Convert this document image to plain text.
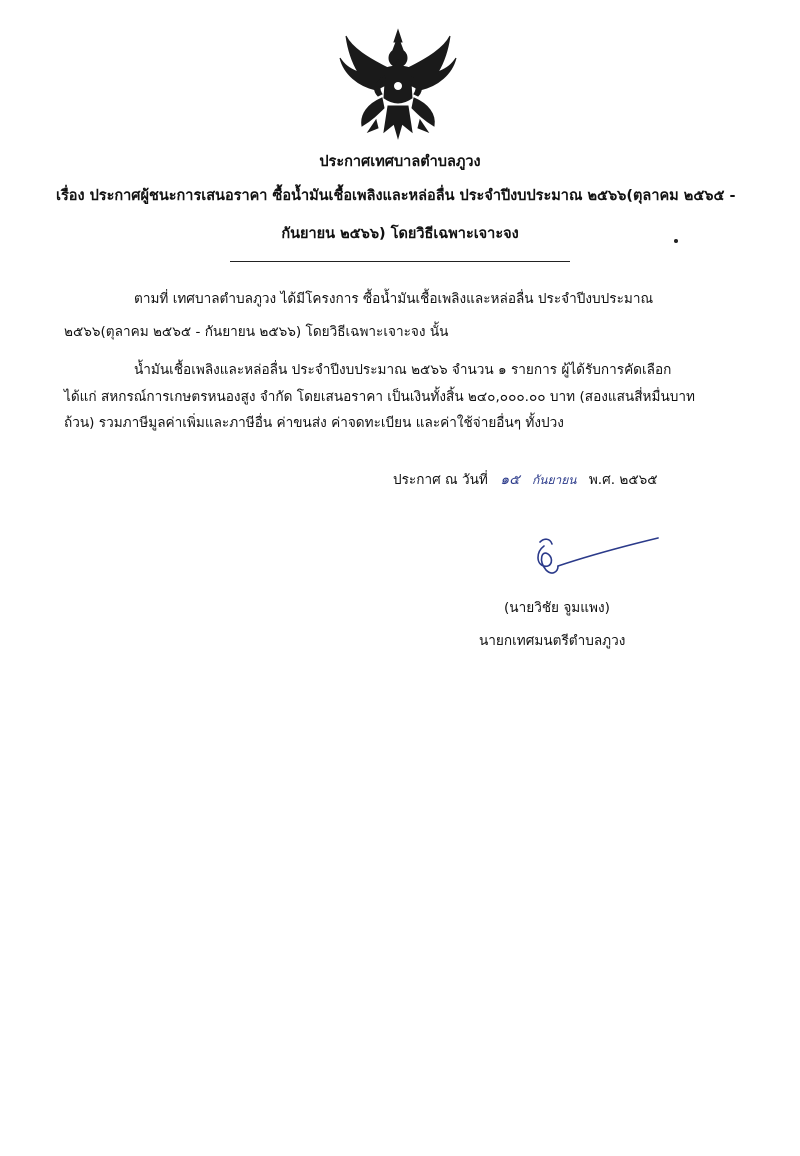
ประกาศเทศบาลตำบลภูวง
เรื่อง ประกาศผู้ชนะการเสนอราคา ซื้อน้ำมันเชื้อเพลิงและหล่อลื่น ประจำปีงบประมาณ ๒๕๖๖(ตุลาคม ๒๕๖๕ -
กันยายน ๒๕๖๖) โดยวิธีเฉพาะเจาะจง
ตามที่ เทศบาลตำบลภูวง ได้มีโครงการ ซื้อน้ำมันเชื้อเพลิงและหล่อลื่น ประจำปีงบประมาณ
๒๕๖๖(ตุลาคม ๒๕๖๕ - กันยายน ๒๕๖๖) โดยวิธีเฉพาะเจาะจง นั้น
น้ำมันเชื้อเพลิงและหล่อลื่น ประจำปีงบประมาณ ๒๕๖๖ จำนวน ๑ รายการ ผู้ได้รับการคัดเลือก
ได้แก่ สหกรณ์การเกษตรหนองสูง จำกัด โดยเสนอราคา เป็นเงินทั้งสิ้น ๒๔๐,๐๐๐.๐๐ บาท (สองแสนสี่หมื่นบาท
ถ้วน) รวมภาษีมูลค่าเพิ่มและภาษีอื่น ค่าขนส่ง ค่าจดทะเบียน และค่าใช้จ่ายอื่นๆ ทั้งปวง
ประกาศ ณ วันที่ ๑๕ กันยายน พ.ศ. ๒๕๖๕
(นายวิชัย จูมแพง)
นายกเทศมนตรีตำบลภูวง
